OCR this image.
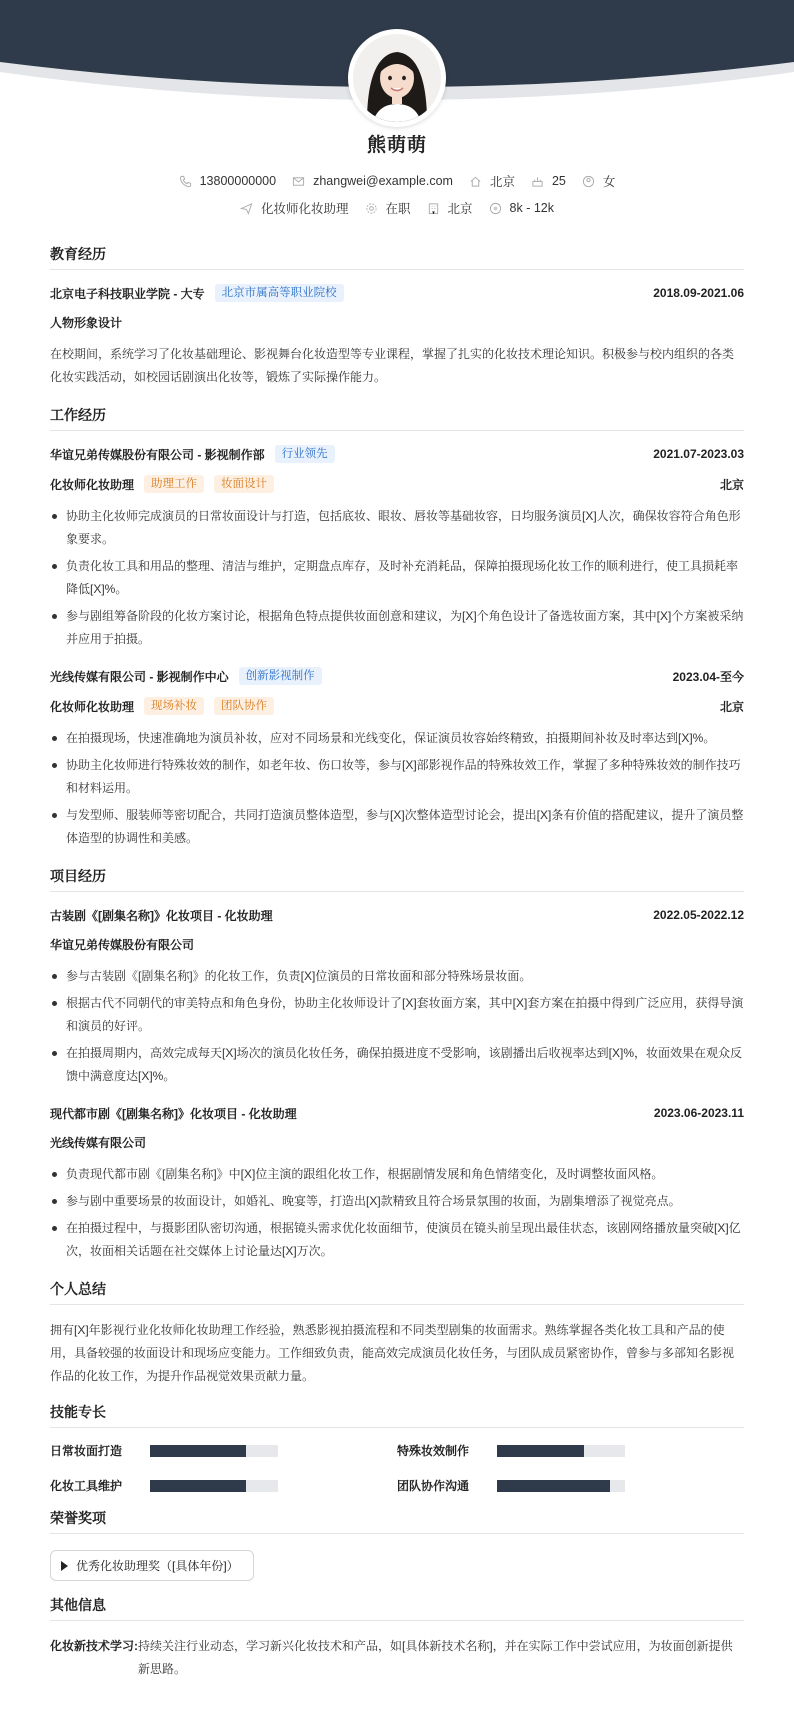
熊萌萌
13800000000	zhangwei@example.com	北京	25	女
化妆师化妆助理	在职	北京	8k - 12k
教育经历
北京电子科技职业学院 - 大专	北京市属高等职业院校	2018.09-2021.06
人物形象设计
在校期间，系统学习了化妆基础理论、影视舞台化妆造型等专业课程，掌握了扎实的化妆技术理论知识。积极参与校内组织的各类化妆实践活动，如校园话剧演出化妆等，锻炼了实际操作能力。
工作经历
华谊兄弟传媒股份有限公司 - 影视制作部	行业领先	2021.07-2023.03
化妆师化妆助理	助理工作	妆面设计	北京
协助主化妆师完成演员的日常妆面设计与打造，包括底妆、眼妆、唇妆等基础妆容，日均服务演员[X]人次，确保妆容符合角色形象要求。
负责化妆工具和用品的整理、清洁与维护，定期盘点库存，及时补充消耗品，保障拍摄现场化妆工作的顺利进行，使工具损耗率降低[X]%。
参与剧组筹备阶段的化妆方案讨论，根据角色特点提供妆面创意和建议，为[X]个角色设计了备选妆面方案，其中[X]个方案被采纳并应用于拍摄。
光线传媒有限公司 - 影视制作中心	创新影视制作	2023.04-至今
化妆师化妆助理	现场补妆	团队协作	北京
在拍摄现场，快速准确地为演员补妆，应对不同场景和光线变化，保证演员妆容始终精致，拍摄期间补妆及时率达到[X]%。
协助主化妆师进行特殊妆效的制作，如老年妆、伤口妆等，参与[X]部影视作品的特殊妆效工作，掌握了多种特殊妆效的制作技巧和材料运用。
与发型师、服装师等密切配合，共同打造演员整体造型，参与[X]次整体造型讨论会，提出[X]条有价值的搭配建议，提升了演员整体造型的协调性和美感。
项目经历
古装剧《[剧集名称]》化妆项目 - 化妆助理	2022.05-2022.12
华谊兄弟传媒股份有限公司
参与古装剧《[剧集名称]》的化妆工作，负责[X]位演员的日常妆面和部分特殊场景妆面。
根据古代不同朝代的审美特点和角色身份，协助主化妆师设计了[X]套妆面方案，其中[X]套方案在拍摄中得到广泛应用，获得导演和演员的好评。
在拍摄周期内，高效完成每天[X]场次的演员化妆任务，确保拍摄进度不受影响，该剧播出后收视率达到[X]%，妆面效果在观众反馈中满意度达[X]%。
现代都市剧《[剧集名称]》化妆项目 - 化妆助理	2023.06-2023.11
光线传媒有限公司
负责现代都市剧《[剧集名称]》中[X]位主演的跟组化妆工作，根据剧情发展和角色情绪变化，及时调整妆面风格。
参与剧中重要场景的妆面设计，如婚礼、晚宴等，打造出[X]款精致且符合场景氛围的妆面，为剧集增添了视觉亮点。
在拍摄过程中，与摄影团队密切沟通，根据镜头需求优化妆面细节，使演员在镜头前呈现出最佳状态，该剧网络播放量突破[X]亿次，妆面相关话题在社交媒体上讨论量达[X]万次。
个人总结
拥有[X]年影视行业化妆师化妆助理工作经验，熟悉影视拍摄流程和不同类型剧集的妆面需求。熟练掌握各类化妆工具和产品的使用，具备较强的妆面设计和现场应变能力。工作细致负责，能高效完成演员化妆任务，与团队成员紧密协作，曾参与多部知名影视作品的化妆工作，为提升作品视觉效果贡献力量。
技能专长
日常妆面打造	特殊妆效制作
化妆工具维护	团队协作沟通
荣誉奖项
优秀化妆助理奖（[具体年份]）
其他信息
化妆新技术学习: 持续关注行业动态，学习新兴化妆技术和产品，如[具体新技术名称]，并在实际工作中尝试应用，为妆面创新提供新思路。
